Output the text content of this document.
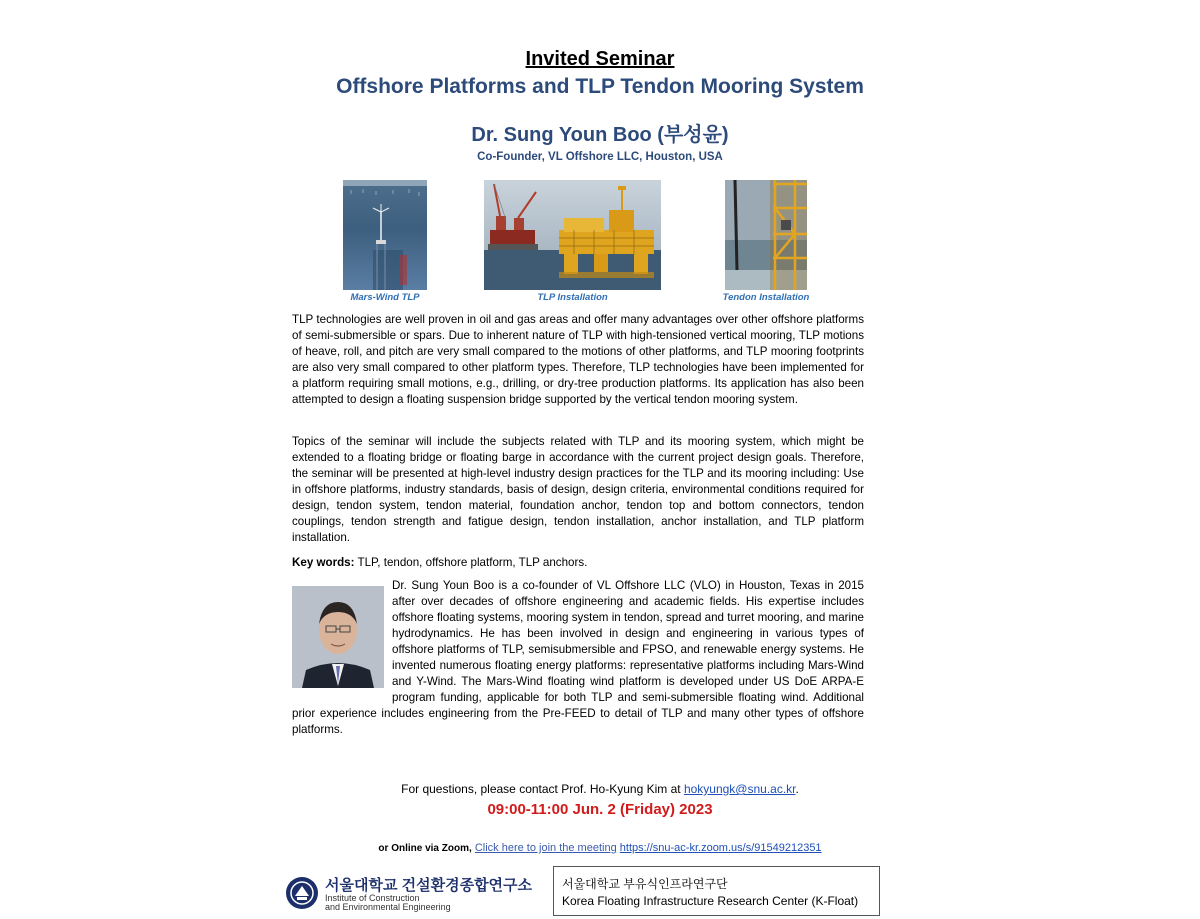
Invited Seminar
Offshore Platforms and TLP Tendon Mooring System
Dr. Sung Youn Boo (부성윤)
Co-Founder, VL Offshore LLC, Houston, USA
Mars-Wind TLP	TLP Installation	Tendon Installation
TLP technologies are well proven in oil and gas areas and offer many advantages over other offshore platforms of semi-submersible or spars. Due to inherent nature of TLP with high-tensioned vertical mooring, TLP motions of heave, roll, and pitch are very small compared to the motions of other platforms, and TLP mooring footprints are also very small compared to other platform types. Therefore, TLP technologies have been implemented for a platform requiring small motions, e.g., drilling, or dry-tree production platforms. Its application has also been attempted to design a floating suspension bridge supported by the vertical tendon mooring system.
Topics of the seminar will include the subjects related with TLP and its mooring system, which might be extended to a floating bridge or floating barge in accordance with the current project design goals. Therefore, the seminar will be presented at high-level industry design practices for the TLP and its mooring including: Use in offshore platforms, industry standards, basis of design, design criteria, environmental conditions required for design, tendon system, tendon material, foundation anchor, tendon top and bottom connectors, tendon couplings, tendon strength and fatigue design, tendon installation, anchor installation, and TLP platform installation.
Key words: TLP, tendon, offshore platform, TLP anchors.
Dr. Sung Youn Boo is a co-founder of VL Offshore LLC (VLO) in Houston, Texas in 2015 after over decades of offshore engineering and academic fields. His expertise includes offshore floating systems, mooring system in tendon, spread and turret mooring, and marine hydrodynamics. He has been involved in design and engineering in various types of offshore platforms of TLP, semisubmersible and FPSO, and renewable energy systems. He invented numerous floating energy platforms: representative platforms including Mars-Wind and Y-Wind. The Mars-Wind floating wind platform is developed under US DoE ARPA-E program funding, applicable for both TLP and semi-submersible floating wind. Additional prior experience includes engineering from the Pre-FEED to detail of TLP and many other types of offshore platforms.
For questions, please contact Prof. Ho-Kyung Kim at hokyungk@snu.ac.kr.
09:00-11:00 Jun. 2 (Friday) 2023
or Online via Zoom, Click here to join the meeting https://snu-ac-kr.zoom.us/s/91549212351
서울대학교 건설환경종합연구소
Institute of Construction
and Environmental Engineering
서울대학교 부유식인프라연구단
Korea Floating Infrastructure Research Center (K-Float)
